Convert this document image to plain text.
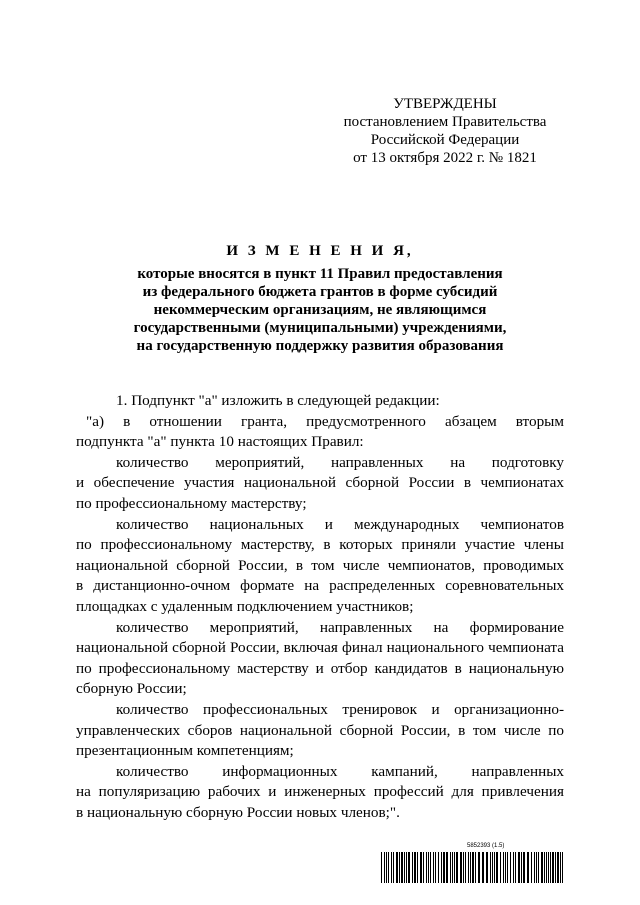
УТВЕРЖДЕНЫ
постановлением Правительства
Российской Федерации
от 13 октября 2022 г. № 1821
И З М Е Н Е Н И Я,
которые вносятся в пункт 11 Правил предоставления
из федерального бюджета грантов в форме субсидий
некоммерческим организациям, не являющимся
государственными (муниципальными) учреждениями,
на государственную поддержку развития образования
1. Подпункт "а" изложить в следующей редакции:
"а) в отношении гранта, предусмотренного абзацем вторым
подпункта "а" пункта 10 настоящих Правил:
количество мероприятий, направленных на подготовку
и обеспечение участия национальной сборной России в чемпионатах
по профессиональному мастерству;
количество национальных и международных чемпионатов
по профессиональному мастерству, в которых приняли участие члены
национальной сборной России, в том числе чемпионатов, проводимых
в дистанционно-очном формате на распределенных соревновательных
площадках с удаленным подключением участников;
количество мероприятий, направленных на формирование
национальной сборной России, включая финал национального чемпионата
по профессиональному мастерству и отбор кандидатов в национальную
сборную России;
количество профессиональных тренировок и организационно-
управленческих сборов национальной сборной России, в том числе по
презентационным компетенциям;
количество информационных кампаний, направленных
на популяризацию рабочих и инженерных профессий для привлечения
в национальную сборную России новых членов;".
5852393 (1.5)
